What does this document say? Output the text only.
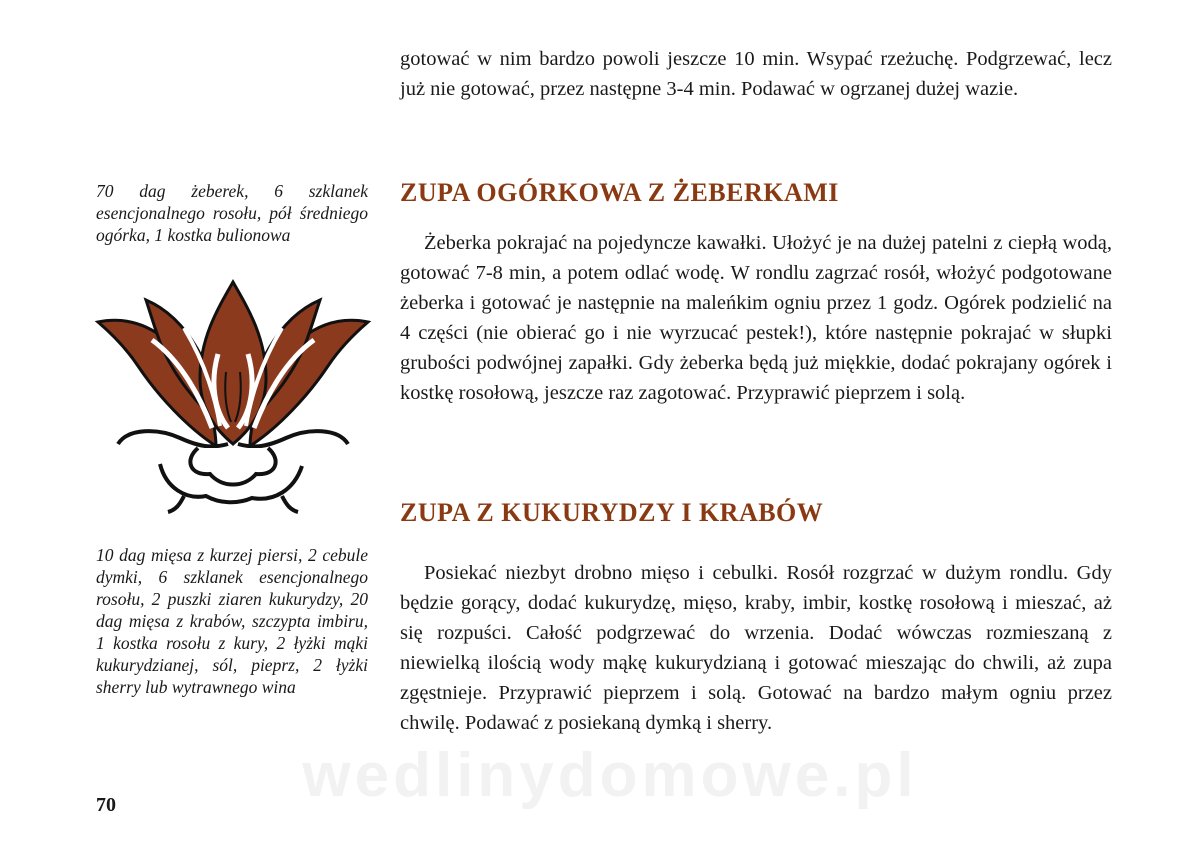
gotować w nim bardzo powoli jeszcze 10 min. Wsypać rzeżuchę. Podgrzewać, lecz już nie gotować, przez następne 3-4 min. Podawać w ogrzanej dużej wazie.

ZUPA OGÓRKOWA Z ŻEBERKAMI

Żeberka pokrajać na pojedyncze kawałki. Ułożyć je na dużej patelni z ciepłą wodą, gotować 7-8 min, a potem odlać wodę. W rondlu zagrzać rosół, włożyć podgotowane żeberka i gotować je następnie na maleńkim ogniu przez 1 godz. Ogórek podzielić na 4 części (nie obierać go i nie wyrzucać pestek!), które następnie pokrajać w słupki grubości podwójnej zapałki. Gdy żeberka będą już miękkie, dodać pokrajany ogórek i kostkę rosołową, jeszcze raz zagotować. Przyprawić pieprzem i solą.

ZUPA Z KUKURYDZY I KRABÓW

Posiekać niezbyt drobno mięso i cebulki. Rosół rozgrzać w dużym rondlu. Gdy będzie gorący, dodać kukurydzę, mięso, kraby, imbir, kostkę rosołową i mieszać, aż się rozpuści. Całość podgrzewać do wrzenia. Dodać wówczas rozmieszaną z niewielką ilością wody mąkę kukurydzianą i gotować mieszając do chwili, aż zupa zgęstnieje. Przyprawić pieprzem i solą. Gotować na bardzo małym ogniu przez chwilę. Podawać z posiekaną dymką i sherry.

70 dag żeberek, 6 szklanek esencjonalnego rosołu, pół średniego ogórka, 1 kostka bulionowa
10 dag mięsa z kurzej piersi, 2 cebule dymki, 6 szklanek esencjonalnego rosołu, 2 puszki ziaren kukurydzy, 20 dag mięsa z krabów, szczypta imbiru, 1 kostka rosołu z kury, 2 łyżki mąki kukurydzianej, sól, pieprz, 2 łyżki sherry lub wytrawnego wina
wedlinydomowe.pl
70
